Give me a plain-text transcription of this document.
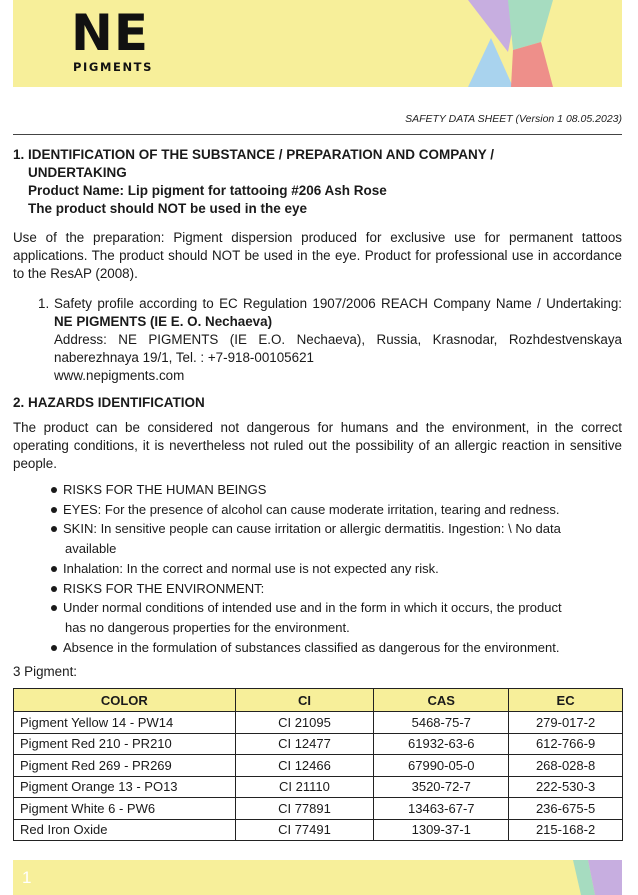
NE
PIGMENTS
SAFETY DATA SHEET (Version 1 08.05.2023)
1. IDENTIFICATION OF THE SUBSTANCE / PREPARATION AND COMPANY /
UNDERTAKING
Product Name: Lip pigment for tattooing #206 Ash Rose
The product should NOT be used in the eye
Use of the preparation: Pigment dispersion produced for exclusive use for permanent tattoos applications. The product should NOT be used in the eye. Product for professional use in accordance to the ResAP (2008).
1. Safety profile according to EC Regulation 1907/2006 REACH Company Name / Undertaking: NE PIGMENTS (IE E. O. Nechaeva)
Address: NE PIGMENTS (IE E.O. Nechaeva), Russia, Krasnodar, Rozhdestvenskaya naberezhnaya 19/1, Tel. : +7-918-00105621
www.nepigments.com
2. HAZARDS IDENTIFICATION
The product can be considered not dangerous for humans and the environment, in the correct operating conditions, it is nevertheless not ruled out the possibility of an allergic reaction in sensitive people.
RISKS FOR THE HUMAN BEINGS
EYES: For the presence of alcohol can cause moderate irritation, tearing and redness.
SKIN: In sensitive people can cause irritation or allergic dermatitis. Ingestion: \ No data
available
Inhalation: In the correct and normal use is not expected any risk.
RISKS FOR THE ENVIRONMENT:
Under normal conditions of intended use and in the form in which it occurs, the product
has no dangerous properties for the environment.
Absence in the formulation of substances classified as dangerous for the environment.
3 Pigment:
COLOR	CI	CAS	EC
Pigment Yellow 14 - PW14	CI 21095	5468-75-7	279-017-2
Pigment Red 210 - PR210	CI 12477	61932-63-6	612-766-9
Pigment Red 269 - PR269	CI 12466	67990-05-0	268-028-8
Pigment Orange 13 - PO13	CI 21110	3520-72-7	222-530-3
Pigment White 6 - PW6	CI 77891	13463-67-7	236-675-5
Red Iron Oxide	CI 77491	1309-37-1	215-168-2
1
